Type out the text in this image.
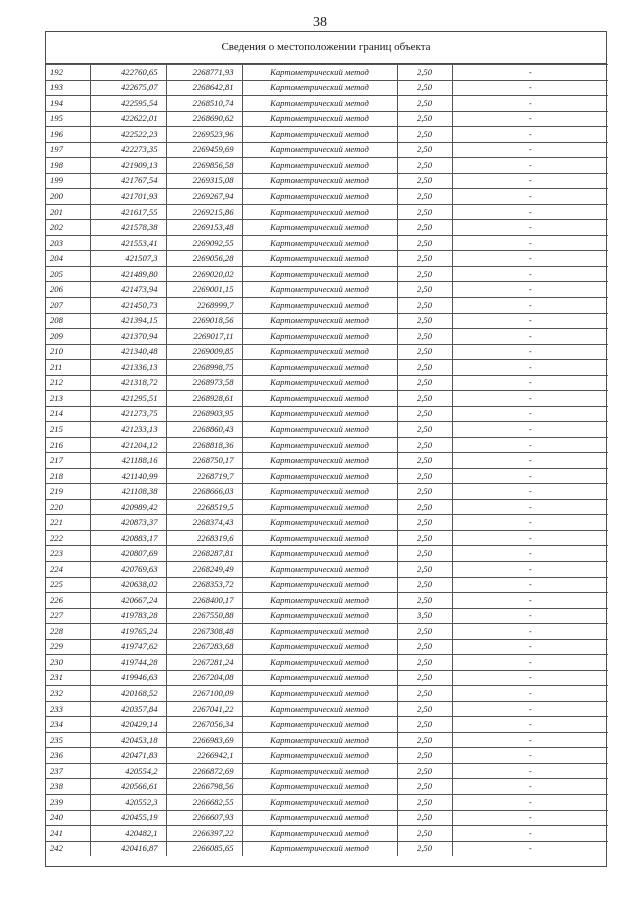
38
Сведения о местоположении границ объекта
192	422760,65	2268771,93	Картометрический метод	2,50	-
193	422675,07	2268642,81	Картометрический метод	2,50	-
194	422595,54	2268510,74	Картометрический метод	2,50	-
195	422622,01	2268690,62	Картометрический метод	2,50	-
196	422522,23	2269523,96	Картометрический метод	2,50	-
197	422273,35	2269459,69	Картометрический метод	2,50	-
198	421909,13	2269856,58	Картометрический метод	2,50	-
199	421767,54	2269315,08	Картометрический метод	2,50	-
200	421701,93	2269267,94	Картометрический метод	2,50	-
201	421617,55	2269215,86	Картометрический метод	2,50	-
202	421578,38	2269153,48	Картометрический метод	2,50	-
203	421553,41	2269092,55	Картометрический метод	2,50	-
204	421507,3	2269056,28	Картометрический метод	2,50	-
205	421489,80	2269020,02	Картометрический метод	2,50	-
206	421473,94	2269001,15	Картометрический метод	2,50	-
207	421450,73	2268999,7	Картометрический метод	2,50	-
208	421394,15	2269018,56	Картометрический метод	2,50	-
209	421370,94	2269017,11	Картометрический метод	2,50	-
210	421340,48	2269009,85	Картометрический метод	2,50	-
211	421336,13	2268998,75	Картометрический метод	2,50	-
212	421318,72	2268973,58	Картометрический метод	2,50	-
213	421295,51	2268928,61	Картометрический метод	2,50	-
214	421273,75	2268903,95	Картометрический метод	2,50	-
215	421233,13	2268860,43	Картометрический метод	2,50	-
216	421204,12	2268818,36	Картометрический метод	2,50	-
217	421188,16	2268750,17	Картометрический метод	2,50	-
218	421140,99	2268719,7	Картометрический метод	2,50	-
219	421108,38	2268666,03	Картометрический метод	2,50	-
220	420989,42	2268519,5	Картометрический метод	2,50	-
221	420873,37	2268374,43	Картометрический метод	2,50	-
222	420883,17	2268319,6	Картометрический метод	2,50	-
223	420807,69	2268287,81	Картометрический метод	2,50	-
224	420769,63	2268249,49	Картометрический метод	2,50	-
225	420638,02	2268353,72	Картометрический метод	2,50	-
226	420667,24	2268400,17	Картометрический метод	2,50	-
227	419783,28	2267550,88	Картометрический метод	3,50	-
228	419765,24	2267308,48	Картометрический метод	2,50	-
229	419747,62	2267283,68	Картометрический метод	2,50	-
230	419744,28	2267281,24	Картометрический метод	2,50	-
231	419946,63	2267204,08	Картометрический метод	2,50	-
232	420168,52	2267100,09	Картометрический метод	2,50	-
233	420357,84	2267041,22	Картометрический метод	2,50	-
234	420429,14	2267056,34	Картометрический метод	2,50	-
235	420453,18	2266983,69	Картометрический метод	2,50	-
236	420471,83	2266942,1	Картометрический метод	2,50	-
237	420554,2	2266872,69	Картометрический метод	2,50	-
238	420566,61	2266798,56	Картометрический метод	2,50	-
239	420552,3	2266682,55	Картометрический метод	2,50	-
240	420455,19	2266607,93	Картометрический метод	2,50	-
241	420482,1	2266397,22	Картометрический метод	2,50	-
242	420416,87	2266085,65	Картометрический метод	2,50	-
